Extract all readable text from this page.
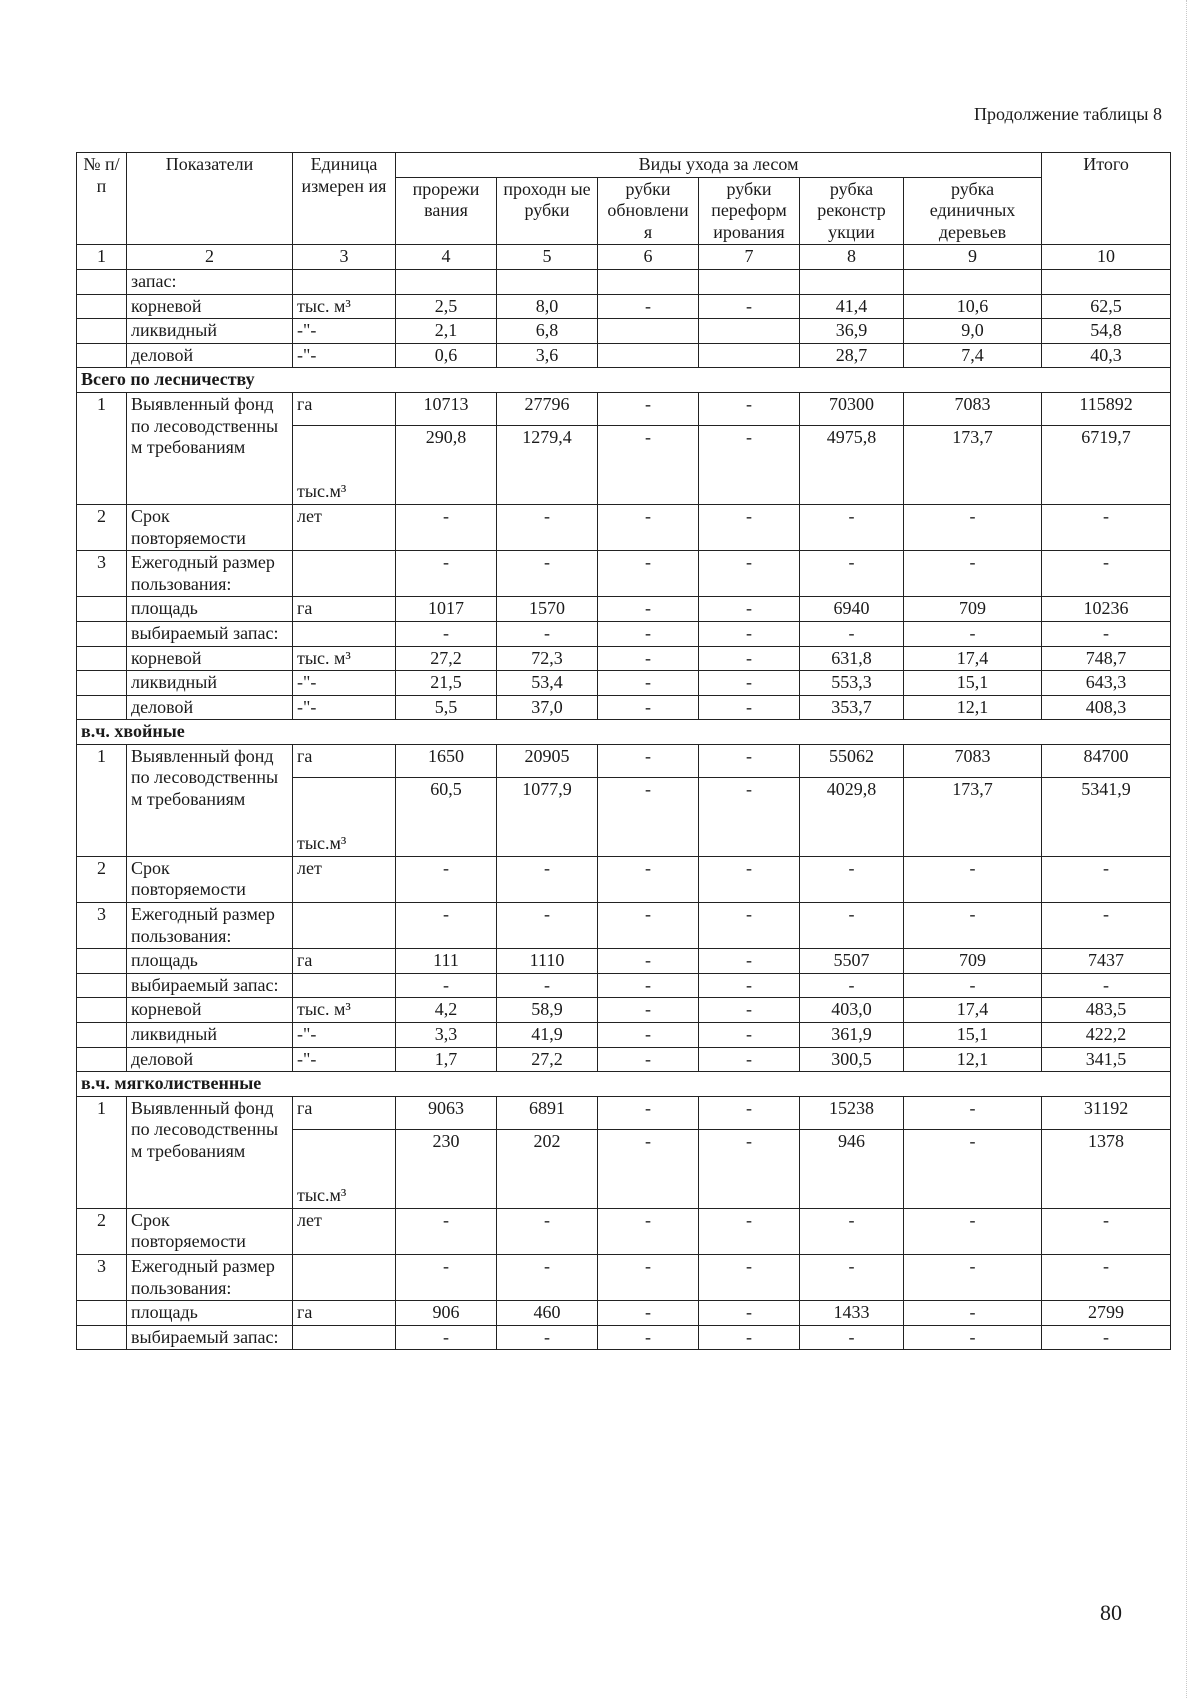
Продолжение таблицы 8
№ п/п	Показатели	Единица измерен ия	Виды ухода за лесом						Итого
			прорежи вания	проходн ые рубки	рубки обновлени я	рубки переформ ирования	рубка реконстр укции	рубка единичных деревьев	
1	2	3	4	5	6	7	8	9	10
	запас:								
	корневой	тыс. м³	2,5	8,0	-	-	41,4	10,6	62,5
	ликвидный	-"-	2,1	6,8			36,9	9,0	54,8
	деловой	-"-	0,6	3,6			28,7	7,4	40,3
Всего по лесничеству									
1	Выявленный фонд по лесоводственны м требованиям	га	10713	27796	-	-	70300	7083	115892
		тыс.м³	290,8	1279,4	-	-	4975,8	173,7	6719,7
2	Срок повторяемости	лет	-	-	-	-	-	-	-
3	Ежегодный размер пользования:		-	-	-	-	-	-	-
	площадь	га	1017	1570	-	-	6940	709	10236
	выбираемый запас:		-	-	-	-	-	-	-
	корневой	тыс. м³	27,2	72,3	-	-	631,8	17,4	748,7
	ликвидный	-"-	21,5	53,4	-	-	553,3	15,1	643,3
	деловой	-"-	5,5	37,0	-	-	353,7	12,1	408,3
в.ч. хвойные									
1	Выявленный фонд по лесоводственны м требованиям	га	1650	20905	-	-	55062	7083	84700
		тыс.м³	60,5	1077,9	-	-	4029,8	173,7	5341,9
2	Срок повторяемости	лет	-	-	-	-	-	-	-
3	Ежегодный размер пользования:		-	-	-	-	-	-	-
	площадь	га	111	1110	-	-	5507	709	7437
	выбираемый запас:		-	-	-	-	-	-	-
	корневой	тыс. м³	4,2	58,9	-	-	403,0	17,4	483,5
	ликвидный	-"-	3,3	41,9	-	-	361,9	15,1	422,2
	деловой	-"-	1,7	27,2	-	-	300,5	12,1	341,5
в.ч. мягколиственные									
1	Выявленный фонд по лесоводственны м требованиям	га	9063	6891	-	-	15238	-	31192
		тыс.м³	230	202	-	-	946	-	1378
2	Срок повторяемости	лет	-	-	-	-	-	-	-
3	Ежегодный размер пользования:		-	-	-	-	-	-	-
	площадь	га	906	460	-	-	1433	-	2799
	выбираемый запас:		-	-	-	-	-	-	-
80
